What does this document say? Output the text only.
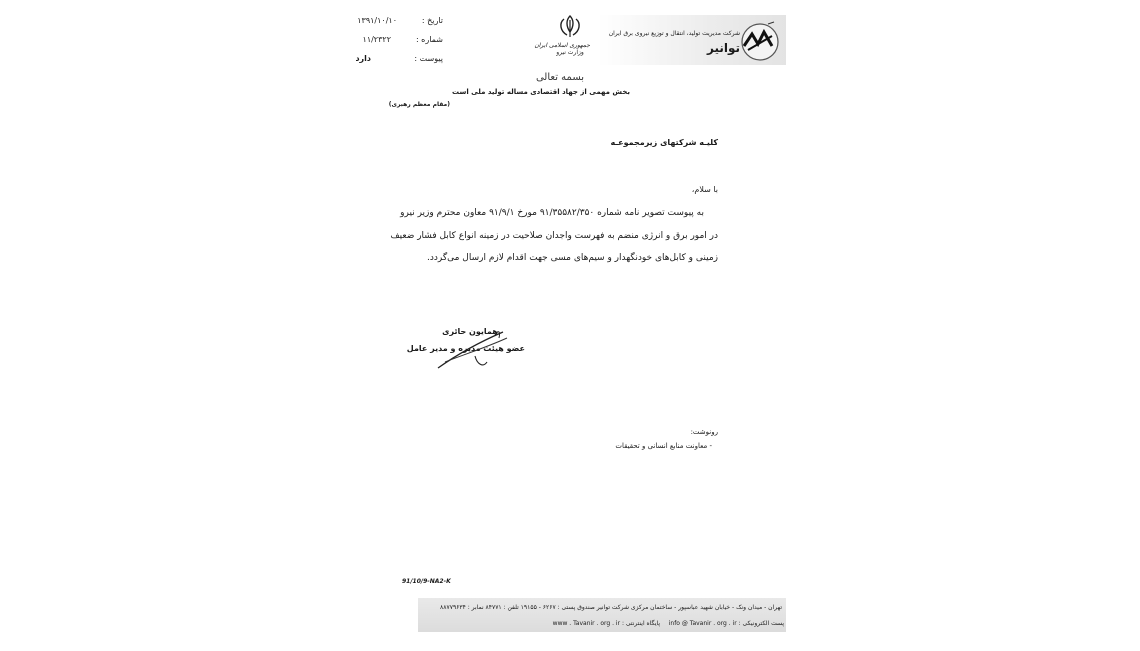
تاریخ :
۱۳۹۱/۱۰/۱۰
شماره :
۱۱/۲۳۲۲
پیوست :
دارد
جمهوری اسلامی ایران
وزارت نیرو
شرکت مدیریت تولید، انتقال و توزیع نیروی برق ایران
توانیر
بسمه تعالی
بخش مهمی از جهاد اقتصادی مساله تولید ملی است
(مقام معظم رهبری)
کلیـه شرکتهای زیرمجموعـه
با سلام،
به پیوست تصویر نامه شماره ۹۱/۳۵۵۸۲/۳۵۰ مورخ ۹۱/۹/۱ معاون محترم وزیر نیرو
در امور برق و انرژی منضم به فهرست واجدان صلاحیت در زمینه انواع کابل فشار ضعیف
زمینی و کابل‌های خودنگهدار و سیم‌های مسی جهت اقدام لازم ارسال می‌گردد.
همایون حائری
عضو هیئت مدیره و مدیر عامل
رونوشت:
- معاونت منابع انسانی و تحقیقات
91/10/9-NA2-K
تهران - میدان ونک - خیابان شهید عباسپور - ساختمان مرکزی شرکت توانیر صندوق پستی : ۶۲۶۷ - ۱۹۱۵۵ تلفن : ۸۴۷۷۱ نمابر : ۸۸۷۷۹۶۳۴
پست الکترونیکی : info @ Tavanir . org . ir
پایگاه اینترنتی : www . Tavanir . org . ir
